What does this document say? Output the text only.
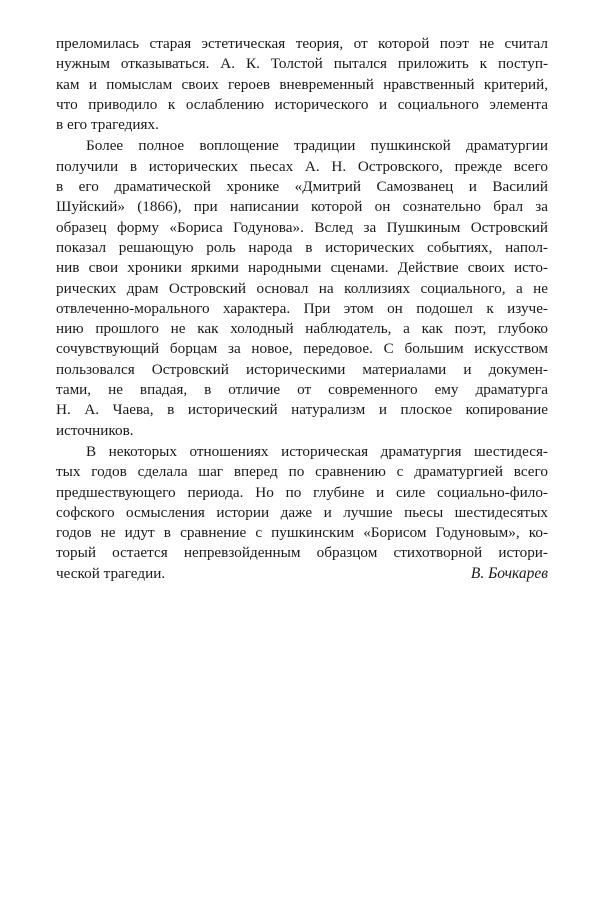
преломилась старая эстетическая теория, от которой поэт не считал
нужным отказываться. А. К. Толстой пытался приложить к поступ-
кам и помыслам своих героев вневременный нравственный критерий,
что приводило к ослаблению исторического и социального элемента
в его трагедиях.
Более полное воплощение традиции пушкинской драматургии
получили в исторических пьесах А. Н. Островского, прежде всего
в его драматической хронике «Дмитрий Самозванец и Василий
Шуйский» (1866), при написании которой он сознательно брал за
образец форму «Бориса Годунова». Вслед за Пушкиным Островский
показал решающую роль народа в исторических событиях, напол-
нив свои хроники яркими народными сценами. Действие своих исто-
рических драм Островский основал на коллизиях социального, а не
отвлеченно-морального характера. При этом он подошел к изуче-
нию прошлого не как холодный наблюдатель, а как поэт, глубоко
сочувствующий борцам за новое, передовое. С большим искусством
пользовался Островский историческими материалами и докумен-
тами, не впадая, в отличие от современного ему драматурга
Н. А. Чаева, в исторический натурализм и плоское копирование
источников.
В некоторых отношениях историческая драматургия шестидеся-
тых годов сделала шаг вперед по сравнению с драматургией всего
предшествующего периода. Но по глубине и силе социально-фило-
софского осмысления истории даже и лучшие пьесы шестидесятых
годов не идут в сравнение с пушкинским «Борисом Годуновым», ко-
торый остается непревзойденным образцом стихотворной истори-
ческой трагедии.	В. Бочкарев
